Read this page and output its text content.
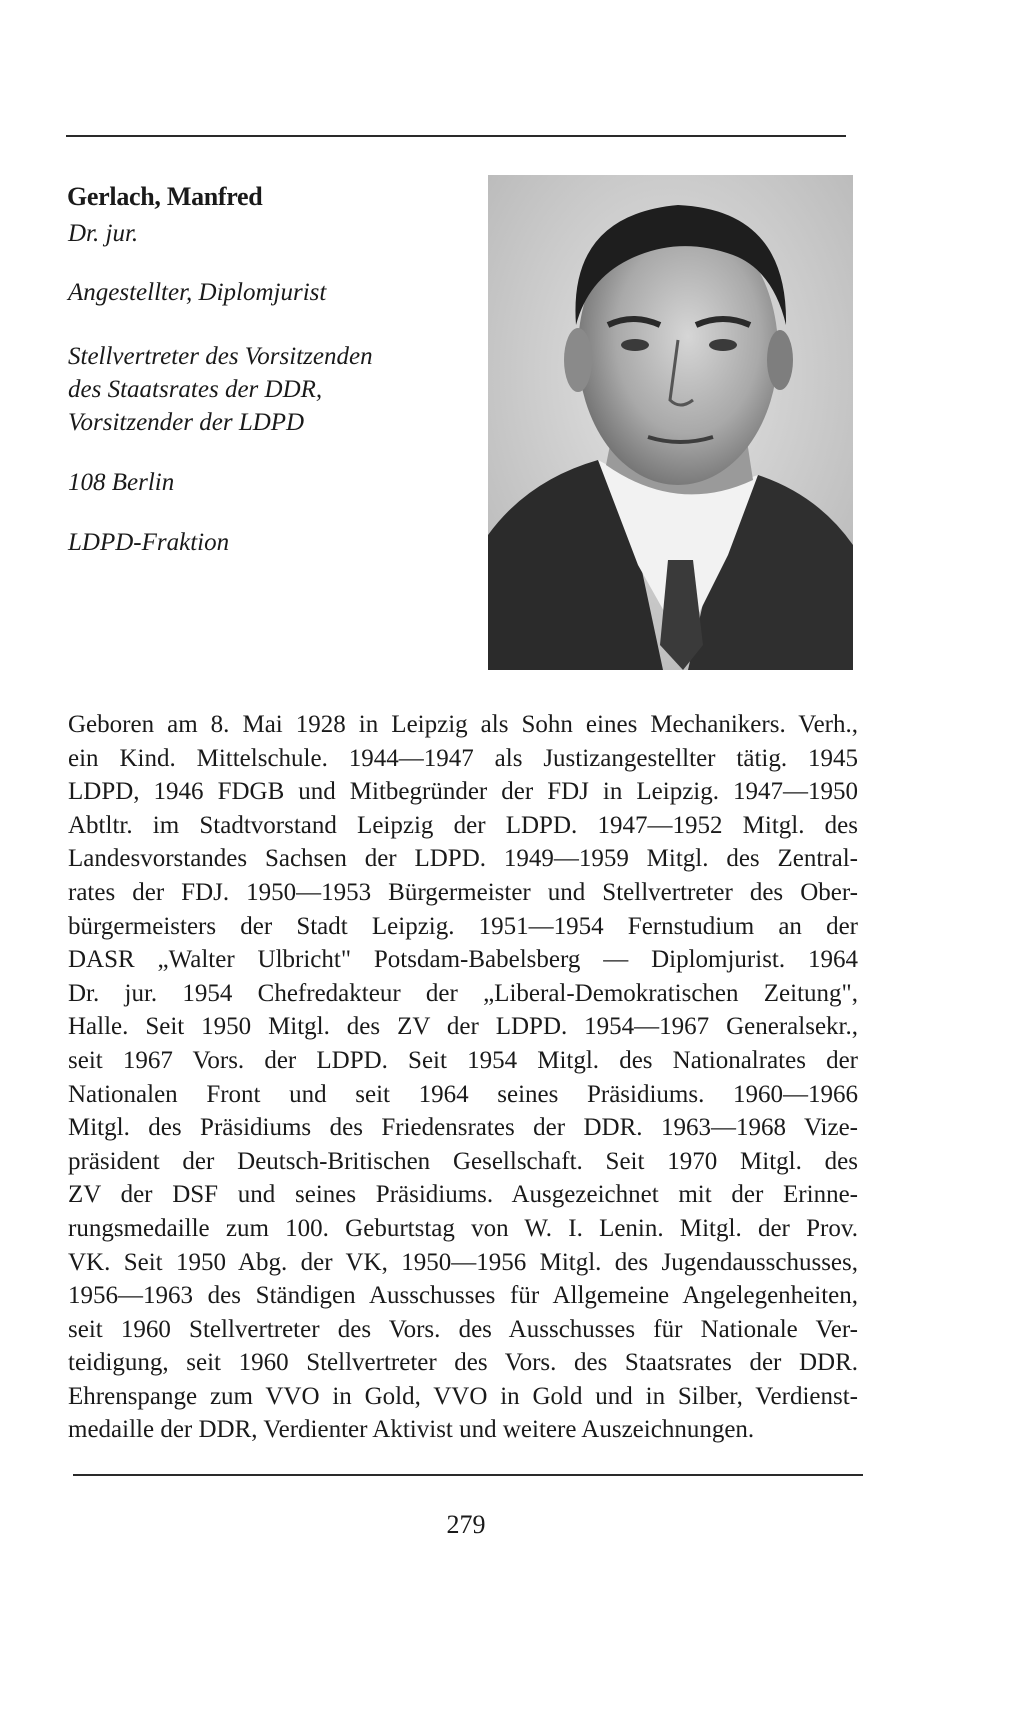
Gerlach, Manfred
Dr. jur.
Angestellter, Diplomjurist
Stellvertreter des Vorsitzenden
des Staatsrates der DDR,
Vorsitzender der LDPD
108 Berlin
LDPD-Fraktion
Geboren am 8. Mai 1928 in Leipzig als Sohn eines Mechanikers. Verh.,
ein Kind. Mittelschule. 1944—1947 als Justizangestellter tätig. 1945
LDPD, 1946 FDGB und Mitbegründer der FDJ in Leipzig. 1947—1950
Abtltr. im Stadtvorstand Leipzig der LDPD. 1947—1952 Mitgl. des
Landesvorstandes Sachsen der LDPD. 1949—1959 Mitgl. des Zentral-
rates der FDJ. 1950—1953 Bürgermeister und Stellvertreter des Ober-
bürgermeisters der Stadt Leipzig. 1951—1954 Fernstudium an der
DASR „Walter Ulbricht" Potsdam-Babelsberg — Diplomjurist. 1964
Dr. jur. 1954 Chefredakteur der „Liberal-Demokratischen Zeitung",
Halle. Seit 1950 Mitgl. des ZV der LDPD. 1954—1967 Generalsekr.,
seit 1967 Vors. der LDPD. Seit 1954 Mitgl. des Nationalrates der
Nationalen Front und seit 1964 seines Präsidiums. 1960—1966
Mitgl. des Präsidiums des Friedensrates der DDR. 1963—1968 Vize-
präsident der Deutsch-Britischen Gesellschaft. Seit 1970 Mitgl. des
ZV der DSF und seines Präsidiums. Ausgezeichnet mit der Erinne-
rungsmedaille zum 100. Geburtstag von W. I. Lenin. Mitgl. der Prov.
VK. Seit 1950 Abg. der VK, 1950—1956 Mitgl. des Jugendausschusses,
1956—1963 des Ständigen Ausschusses für Allgemeine Angelegenheiten,
seit 1960 Stellvertreter des Vors. des Ausschusses für Nationale Ver-
teidigung, seit 1960 Stellvertreter des Vors. des Staatsrates der DDR.
Ehrenspange zum VVO in Gold, VVO in Gold und in Silber, Verdienst-
medaille der DDR, Verdienter Aktivist und weitere Auszeichnungen.
279
